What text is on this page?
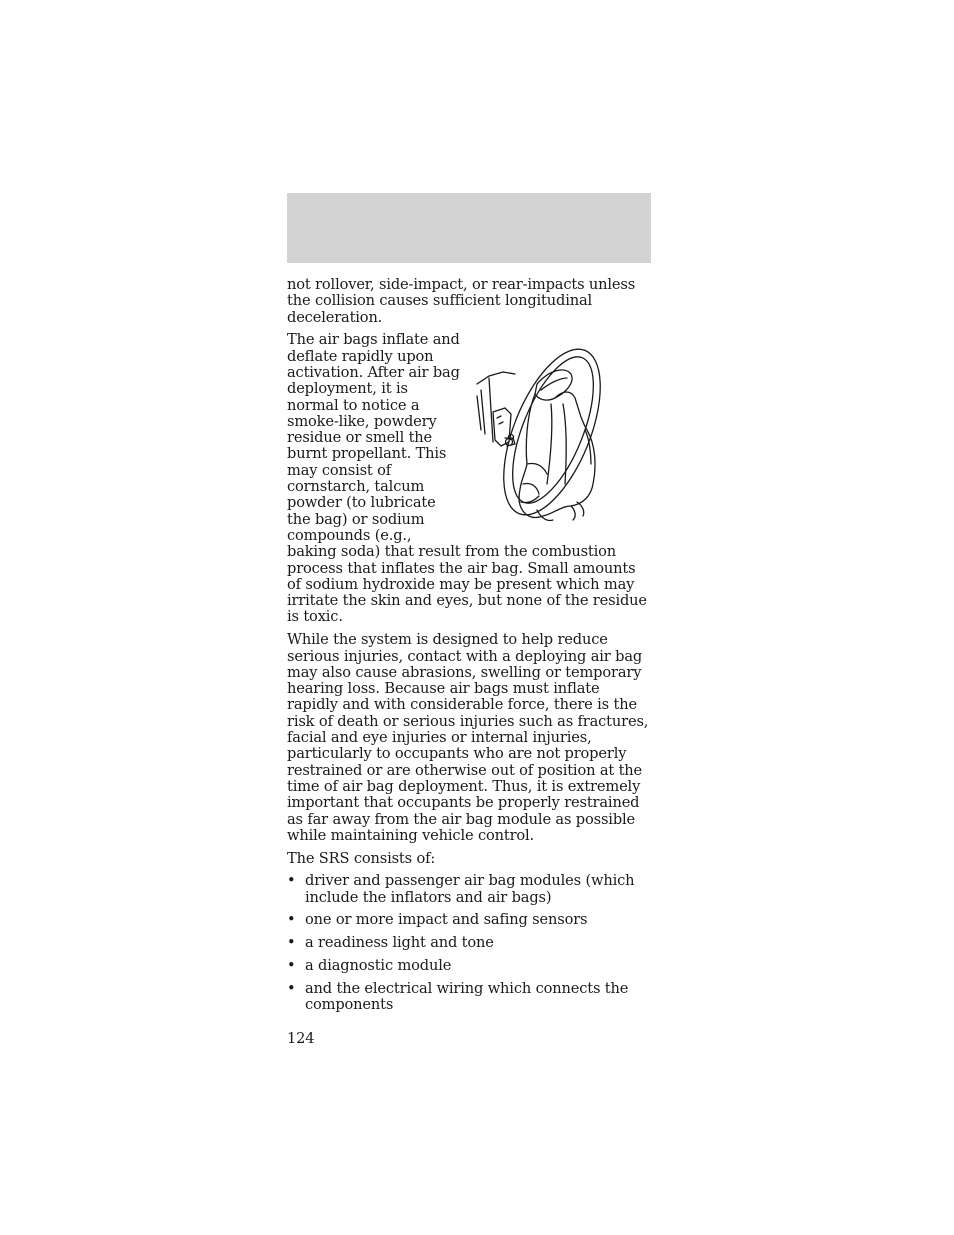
not rollover, side-impact, or rear-impacts unless the collision causes sufficient longitudinal deceleration.

The air bags inflate and deflate rapidly upon activation. After air bag deployment, it is normal to notice a smoke-like, powdery residue or smell the burnt propellant. This may consist of cornstarch, talcum powder (to lubricate the bag) or sodium compounds (e.g., baking soda) that result from the combustion process that inflates the air bag. Small amounts of sodium hydroxide may be present which may irritate the skin and eyes, but none of the residue is toxic.

While the system is designed to help reduce serious injuries, contact with a deploying air bag may also cause abrasions, swelling or temporary hearing loss. Because air bags must inflate rapidly and with considerable force, there is the risk of death or serious injuries such as fractures, facial and eye injuries or internal injuries, particularly to occupants who are not properly restrained or are otherwise out of position at the time of air bag deployment. Thus, it is extremely important that occupants be properly restrained as far away from the air bag module as possible while maintaining vehicle control.

The SRS consists of:

• driver and passenger air bag modules (which include the inflators and air bags)
• one or more impact and safing sensors
• a readiness light and tone
• a diagnostic module
• and the electrical wiring which connects the components
124
